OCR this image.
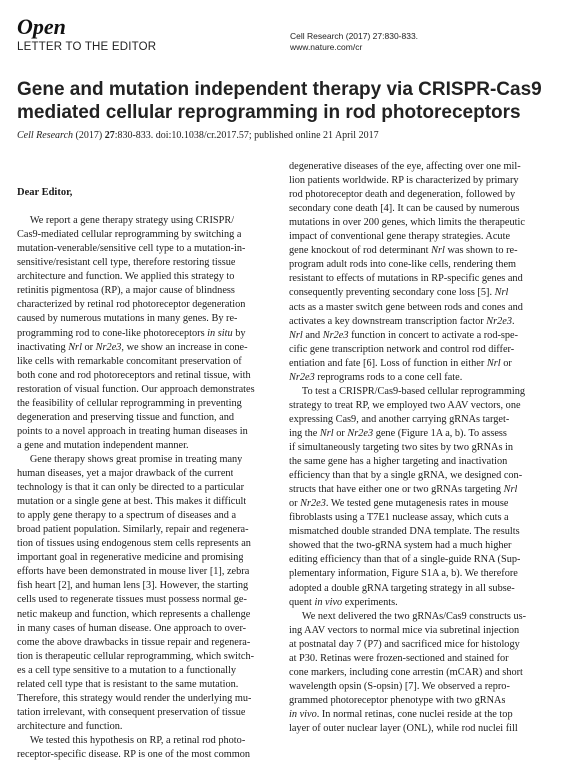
Open
LETTER TO THE EDITOR
Cell Research (2017) 27:830-833.
www.nature.com/cr
Gene and mutation independent therapy via CRISPR-Cas9
mediated cellular reprogramming in rod photoreceptors
Cell Research (2017) 27:830-833. doi:10.1038/cr.2017.57; published online 21 April 2017
Dear Editor,
We report a gene therapy strategy using CRISPR/
Cas9-mediated cellular reprogramming by switching a
mutation-venerable/sensitive cell type to a mutation-in-
sensitive/resistant cell type, therefore restoring tissue
architecture and function. We applied this strategy to
retinitis pigmentosa (RP), a major cause of blindness
characterized by retinal rod photoreceptor degeneration
caused by numerous mutations in many genes. By re-
programming rod to cone-like photoreceptors in situ by
inactivating Nrl or Nr2e3, we show an increase in cone-
like cells with remarkable concomitant preservation of
both cone and rod photoreceptors and retinal tissue, with
restoration of visual function. Our approach demonstrates
the feasibility of cellular reprogramming in preventing
degeneration and preserving tissue and function, and
points to a novel approach in treating human diseases in
a gene and mutation independent manner.
Gene therapy shows great promise in treating many
human diseases, yet a major drawback of the current
technology is that it can only be directed to a particular
mutation or a single gene at best. This makes it difficult
to apply gene therapy to a spectrum of diseases and a
broad patient population. Similarly, repair and regenera-
tion of tissues using endogenous stem cells represents an
important goal in regenerative medicine and promising
efforts have been demonstrated in mouse liver [1], zebra
fish heart [2], and human lens [3]. However, the starting
cells used to regenerate tissues must possess normal ge-
netic makeup and function, which represents a challenge
in many cases of human disease. One approach to over-
come the above drawbacks in tissue repair and regenera-
tion is therapeutic cellular reprogramming, which switch-
es a cell type sensitive to a mutation to a functionally
related cell type that is resistant to the same mutation.
Therefore, this strategy would render the underlying mu-
tation irrelevant, with consequent preservation of tissue
architecture and function.
We tested this hypothesis on RP, a retinal rod photo-
receptor-specific disease. RP is one of the most common
degenerative diseases of the eye, affecting over one mil-
lion patients worldwide. RP is characterized by primary
rod photoreceptor death and degeneration, followed by
secondary cone death [4]. It can be caused by numerous
mutations in over 200 genes, which limits the therapeutic
impact of conventional gene therapy strategies. Acute
gene knockout of rod determinant Nrl was shown to re-
program adult rods into cone-like cells, rendering them
resistant to effects of mutations in RP-specific genes and
consequently preventing secondary cone loss [5]. Nrl
acts as a master switch gene between rods and cones and
activates a key downstream transcription factor Nr2e3.
Nrl and Nr2e3 function in concert to activate a rod-spe-
cific gene transcription network and control rod differ-
entiation and fate [6]. Loss of function in either Nrl or
Nr2e3 reprograms rods to a cone cell fate.
To test a CRISPR/Cas9-based cellular reprogramming
strategy to treat RP, we employed two AAV vectors, one
expressing Cas9, and another carrying gRNAs target-
ing the Nrl or Nr2e3 gene (Figure 1A a, b). To assess
if simultaneously targeting two sites by two gRNAs in
the same gene has a higher targeting and inactivation
efficiency than that by a single gRNA, we designed con-
structs that have either one or two gRNAs targeting Nrl
or Nr2e3. We tested gene mutagenesis rates in mouse
fibroblasts using a T7E1 nuclease assay, which cuts a
mismatched double stranded DNA template. The results
showed that the two-gRNA system had a much higher
editing efficiency than that of a single-guide RNA (Sup-
plementary information, Figure S1A a, b). We therefore
adopted a double gRNA targeting strategy in all subse-
quent in vivo experiments.
We next delivered the two gRNAs/Cas9 constructs us-
ing AAV vectors to normal mice via subretinal injection
at postnatal day 7 (P7) and sacrificed mice for histology
at P30. Retinas were frozen-sectioned and stained for
cone markers, including cone arrestin (mCAR) and short
wavelength opsin (S-opsin) [7]. We observed a repro-
grammed photoreceptor phenotype with two gRNAs
in vivo. In normal retinas, cone nuclei reside at the top
layer of outer nuclear layer (ONL), while rod nuclei fill
